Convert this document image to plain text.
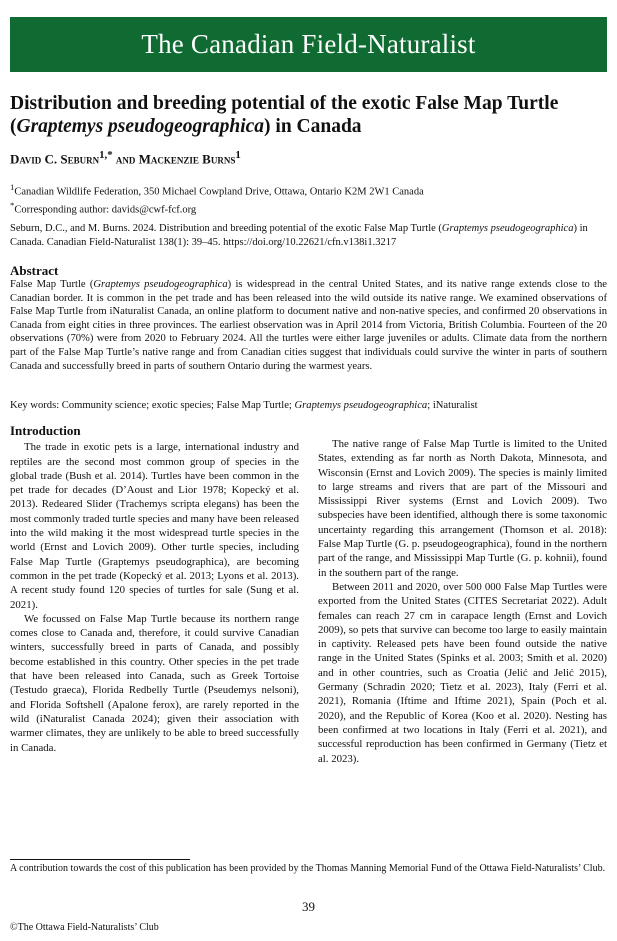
The Canadian Field-Naturalist
Distribution and breeding potential of the exotic False Map Turtle
(Graptemys pseudogeographica) in Canada

David C. Seburn$^{1,*}$ and Mackenzie Burns$^1$

$^1$Canadian Wildlife Federation, 350 Michael Cowpland Drive, Ottawa, Ontario K2M 2W1 Canada
*Corresponding author: davids@cwf-fcf.org
Seburn, D.C., and M. Burns. 2024. Distribution and breeding potential of the exotic False Map Turtle (Graptemys pseudogeographica) in Canada. Canadian Field-Naturalist 138(1): 39–45. https://doi.org/10.22621/cfn.v138i1.3217
Abstract

False Map Turtle (Graptemys pseudogeographica) is widespread in the central United States, and its native range extends close to the Canadian border. It is common in the pet trade and has been released into the wild outside its native range. We examined observations of False Map Turtle from iNaturalist Canada, an online platform to document native and non-native species, and confirmed 20 observations in Canada from eight cities in three provinces. The earliest observation was in April 2014 from Victoria, British Columbia. Fourteen of the 20 observations (70%) were from 2020 to February 2024. All the turtles were either large juveniles or adults. Climate data from the northern part of the False Map Turtle’s native range and from Canadian cities suggest that individuals could survive the winter in parts of southern Canada and successfully breed in parts of southern Ontario during the warmest years.

Key words: Community science; exotic species; False Map Turtle; Graptemys pseudogeographica; iNaturalist
Introduction

The trade in exotic pets is a large, international industry and reptiles are the second most common group of species in the global trade (Bush et al. 2014). Turtles have been common in the pet trade for decades (D’Aoust and Lior 1978; Kopecký et al. 2013). Redeared Slider (Trachemys scripta elegans) has been the most commonly traded turtle species and many have been released into the wild making it the most widespread turtle species in the world (Ernst and Lovich 2009). Other turtle species, including False Map Turtle (Graptemys pseudographica), are becoming common in the pet trade (Kopecký et al. 2013; Lyons et al. 2013). A recent study found 120 species of turtles for sale (Sung et al. 2021).

We focussed on False Map Turtle because its northern range comes close to Canada and, therefore, it could survive Canadian winters, successfully breed in parts of Canada, and possibly become established in this country. Other species in the pet trade that have been released into Canada, such as Greek Tortoise (Testudo graeca), Florida Redbelly Turtle (Pseudemys nelsoni), and Florida Softshell (Apalone ferox), are rarely reported in the wild (iNaturalist Canada 2024); given their association with warmer climates, they are unlikely to be able to breed successfully in Canada.

The native range of False Map Turtle is limited to the United States, extending as far north as North Dakota, Minnesota, and Wisconsin (Ernst and Lovich 2009). The species is mainly limited to large streams and rivers that are part of the Missouri and Mississippi River systems (Ernst and Lovich 2009). Two subspecies have been identified, although there is some taxonomic uncertainty regarding this arrangement (Thomson et al. 2018): False Map Turtle (G. p. pseudogeographica), found in the northern part of the range, and Mississippi Map Turtle (G. p. kohnii), found in the southern part of the range.

Between 2011 and 2020, over 500 000 False Map Turtles were exported from the United States (CITES Secretariat 2022). Adult females can reach 27 cm in carapace length (Ernst and Lovich 2009), so pets that survive can become too large to easily maintain in captivity. Released pets have been found outside the native range in the United States (Spinks et al. 2003; Smith et al. 2020) and in other countries, such as Croatia (Jelić and Jelić 2015), Germany (Schradin 2020; Tietz et al. 2023), Italy (Ferri et al. 2021), Romania (Iftime and Iftime 2021), Spain (Poch et al. 2020), and the Republic of Korea (Koo et al. 2020). Nesting has been confirmed at two locations in Italy (Ferri et al. 2021), and successful reproduction has been confirmed in Germany (Tietz et al. 2023).

A contribution towards the cost of this publication has been provided by the Thomas Manning Memorial Fund of the Ottawa Field-Naturalists’ Club.
39
©The Ottawa Field-Naturalists’ Club
